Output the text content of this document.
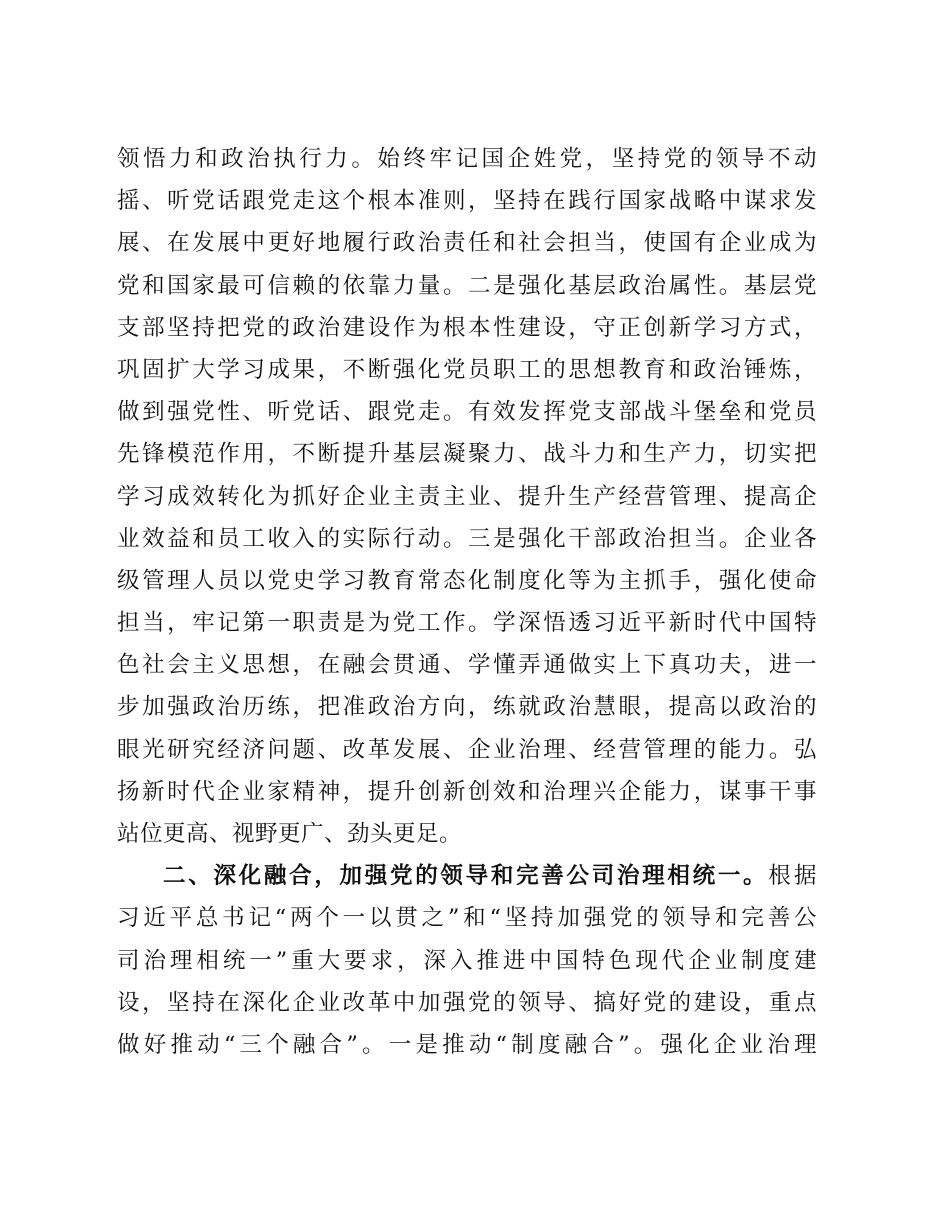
领悟力和政治执行力。始终牢记国企姓党，坚持党的领导不动
摇、听党话跟党走这个根本准则，坚持在践行国家战略中谋求发
展、在发展中更好地履行政治责任和社会担当，使国有企业成为
党和国家最可信赖的依靠力量。二是强化基层政治属性。基层党
支部坚持把党的政治建设作为根本性建设，守正创新学习方式，
巩固扩大学习成果，不断强化党员职工的思想教育和政治锤炼，
做到强党性、听党话、跟党走。有效发挥党支部战斗堡垒和党员
先锋模范作用，不断提升基层凝聚力、战斗力和生产力，切实把
学习成效转化为抓好企业主责主业、提升生产经营管理、提高企
业效益和员工收入的实际行动。三是强化干部政治担当。企业各
级管理人员以党史学习教育常态化制度化等为主抓手，强化使命
担当，牢记第一职责是为党工作。学深悟透习近平新时代中国特
色社会主义思想，在融会贯通、学懂弄通做实上下真功夫，进一
步加强政治历练，把准政治方向，练就政治慧眼，提高以政治的
眼光研究经济问题、改革发展、企业治理、经营管理的能力。弘
扬新时代企业家精神，提升创新创效和治理兴企能力，谋事干事
站位更高、视野更广、劲头更足。
二、深化融合，加强党的领导和完善公司治理相统一。根据
习近平总书记“两个一以贯之”和“坚持加强党的领导和完善公
司治理相统一”重大要求，深入推进中国特色现代企业制度建
设，坚持在深化企业改革中加强党的领导、搞好党的建设，重点
做好推动“三个融合”。一是推动“制度融合”。强化企业治理
